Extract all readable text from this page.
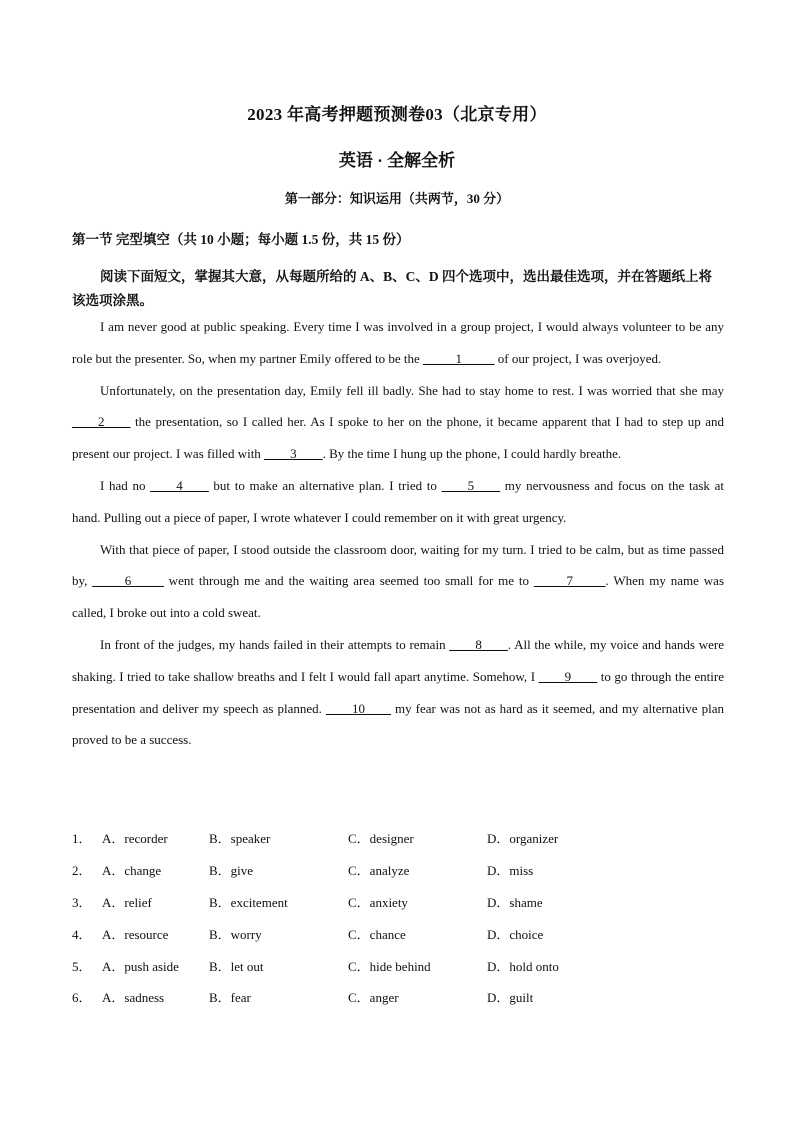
2023 年高考押题预测卷03（北京专用）
英语 · 全解全析
第一部分：知识运用（共两节，30 分）
第一节 完型填空（共 10 小题；每小题 1.5 份，共 15 份）
阅读下面短文，掌握其大意，从每题所给的 A、B、C、D 四个选项中，选出最佳选项，并在答题纸上将该选项涂黑。

I am never good at public speaking. Every time I was involved in a group project, I would always volunteer to be any role but the presenter. So, when my partner Emily offered to be the _____1_____ of our project, I was overjoyed.

Unfortunately, on the presentation day, Emily fell ill badly. She had to stay home to rest. I was worried that she may ____2____ the presentation, so I called her. As I spoke to her on the phone, it became apparent that I had to step up and present our project. I was filled with ____3____. By the time I hung up the phone, I could hardly breathe.

I had no ____4____ but to make an alternative plan. I tried to ____5____ my nervousness and focus on the task at hand. Pulling out a piece of paper, I wrote whatever I could remember on it with great urgency.

With that piece of paper, I stood outside the classroom door, waiting for my turn. I tried to be calm, but as time passed by, _____6_____ went through me and the waiting area seemed too small for me to _____7_____. When my name was called, I broke out into a cold sweat.

In front of the judges, my hands failed in their attempts to remain ____8____. All the while, my voice and hands were shaking. I tried to take shallow breaths and I felt I would fall apart anytime. Somehow, I ____9____ to go through the entire presentation and deliver my speech as planned. ____10____ my fear was not as hard as it seemed, and my alternative plan proved to be a success.

1． A．recorder	B．speaker	C．designer	D．organizer
2． A．change	B．give	C．analyze	D．miss
3． A．relief	B．excitement	C．anxiety	D．shame
4． A．resource	B．worry	C．chance	D．choice
5． A．push aside	B．let out	C．hide behind	D．hold onto
6． A．sadness	B．fear	C．anger	D．guilt
